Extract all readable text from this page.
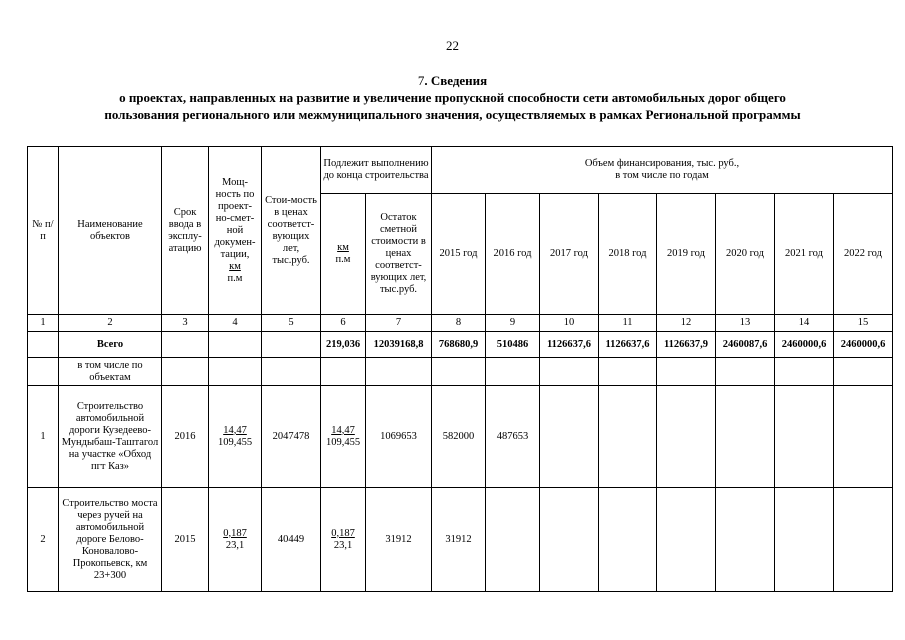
22
7. Сведения
о проектах, направленных на развитие и увеличение пропускной способности сети автомобильных дорог общего
пользования регионального или межмуниципального значения, осуществляемых в рамках Региональной программы
№ п/п	Наименование объектов	Срок ввода в эксплу-атацию	Мощ-ность по проект-но-смет-ной докумен-тации,
км
п.м	Стои-мость в ценах соответст-вующих лет, тыс.руб.	Подлежит выполнению до конца строительства		Объем финансирования, тыс. руб.,
в том числе по годам							

					км
п.м	Остаток сметной стоимости в ценах соответст-вующих лет, тыс.руб.	2015 год	2016 год	2017 год	2018 год	2019 год	2020 год	2021 год	2022 год
1	2	3	4	5	6	7	8	9	10	11	12	13	14	15
	Всего				219,036	12039168,8	768680,9	510486	1126637,6	1126637,6	1126637,9	2460087,6	2460000,6	2460000,6
	в том числе по объектам													
1	Строительство автомобильной дороги Кузедеево-Мундыбаш-Таштагол на участке «Обход пгт Каз»	2016	14,47
109,455	2047478	14,47
109,455	1069653	582000	487653						
2	Строительство моста через ручей на автомобильной дороге Белово-Коновалово-Прокопьевск, км 23+300	2015	0,187
23,1	40449	0,187
23,1	31912	31912							
